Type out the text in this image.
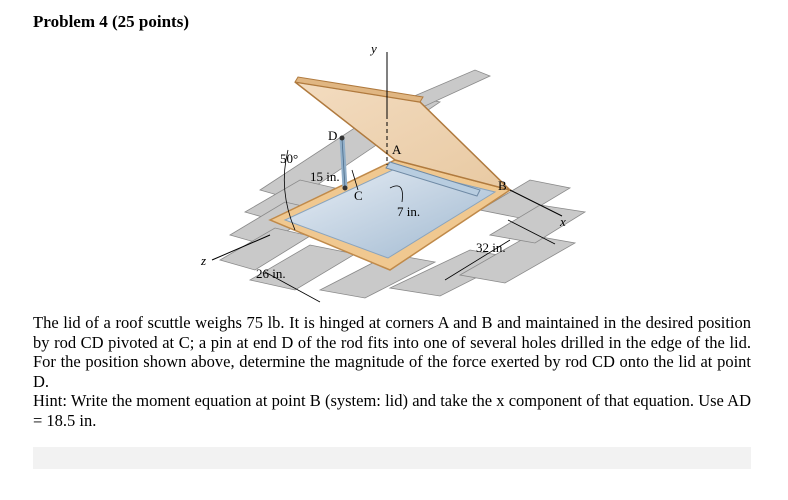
Problem 4 (25 points)
y
A
D
50°
15 in.
C
B
7 in.
x
32 in.
z
26 in.

The lid of a roof scuttle weighs 75 lb. It is hinged at corners A and B and maintained in the desired position by rod CD pivoted at C; a pin at end D of the rod fits into one of several holes drilled in the edge of the lid. For the position shown above, determine the magnitude of the force exerted by rod CD onto the lid at point D.

Hint: Write the moment equation at point B (system: lid) and take the x component of that equation. Use AD = 18.5 in.
